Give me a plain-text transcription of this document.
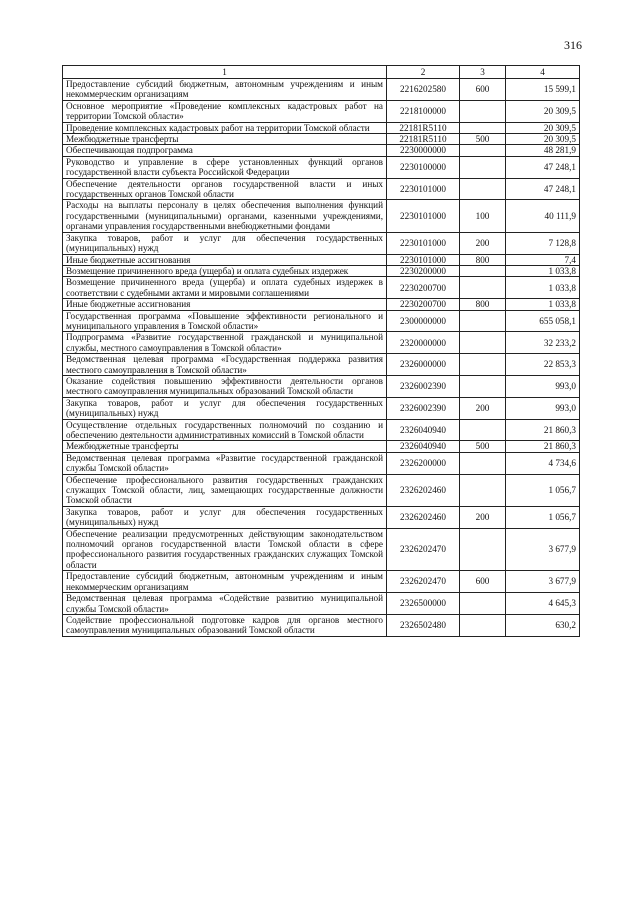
316
1	2	3	4
Предоставление субсидий бюджетным, автономным учреждениям и иным некоммерческим организациям	2216202580	600	15 599,1
Основное мероприятие «Проведение комплексных кадастровых работ на территории Томской области»	2218100000		20 309,5
Проведение комплексных кадастровых работ на территории Томской области	22181R5110		20 309,5
Межбюджетные трансферты	22181R5110	500	20 309,5
Обеспечивающая подпрограмма	2230000000		48 281,9
Руководство и управление в сфере установленных функций органов государственной власти субъекта Российской Федерации	2230100000		47 248,1
Обеспечение деятельности органов государственной власти и иных государственных органов Томской области	2230101000		47 248,1
Расходы на выплаты персоналу в целях обеспечения выполнения функций государственными (муниципальными) органами, казенными учреждениями, органами управления государственными внебюджетными фондами	2230101000	100	40 111,9
Закупка товаров, работ и услуг для обеспечения государственных (муниципальных) нужд	2230101000	200	7 128,8
Иные бюджетные ассигнования	2230101000	800	7,4
Возмещение причиненного вреда (ущерба) и оплата судебных издержек	2230200000		1 033,8
Возмещение причиненного вреда (ущерба) и оплата судебных издержек в соответствии с судебными актами и мировыми соглашениями	2230200700		1 033,8
Иные бюджетные ассигнования	2230200700	800	1 033,8
Государственная программа «Повышение эффективности регионального и муниципального управления в Томской области»	2300000000		655 058,1
Подпрограмма «Развитие государственной гражданской и муниципальной службы, местного самоуправления в Томской области»	2320000000		32 233,2
Ведомственная целевая программа «Государственная поддержка развития местного самоуправления в Томской области»	2326000000		22 853,3
Оказание содействия повышению эффективности деятельности органов местного самоуправления муниципальных образований Томской области	2326002390		993,0
Закупка товаров, работ и услуг для обеспечения государственных (муниципальных) нужд	2326002390	200	993,0
Осуществление отдельных государственных полномочий по созданию и обеспечению деятельности административных комиссий в Томской области	2326040940		21 860,3
Межбюджетные трансферты	2326040940	500	21 860,3
Ведомственная целевая программа «Развитие государственной гражданской службы Томской области»	2326200000		4 734,6
Обеспечение профессионального развития государственных гражданских служащих Томской области, лиц, замещающих государственные должности Томской области	2326202460		1 056,7
Закупка товаров, работ и услуг для обеспечения государственных (муниципальных) нужд	2326202460	200	1 056,7
Обеспечение реализации предусмотренных действующим законодательством полномочий органов государственной власти Томской области в сфере профессионального развития государственных гражданских служащих Томской области	2326202470		3 677,9
Предоставление субсидий бюджетным, автономным учреждениям и иным некоммерческим организациям	2326202470	600	3 677,9
Ведомственная целевая программа «Содействие развитию муниципальной службы Томской области»	2326500000		4 645,3
Содействие профессиональной подготовке кадров для органов местного самоуправления муниципальных образований Томской области	2326502480		630,2
